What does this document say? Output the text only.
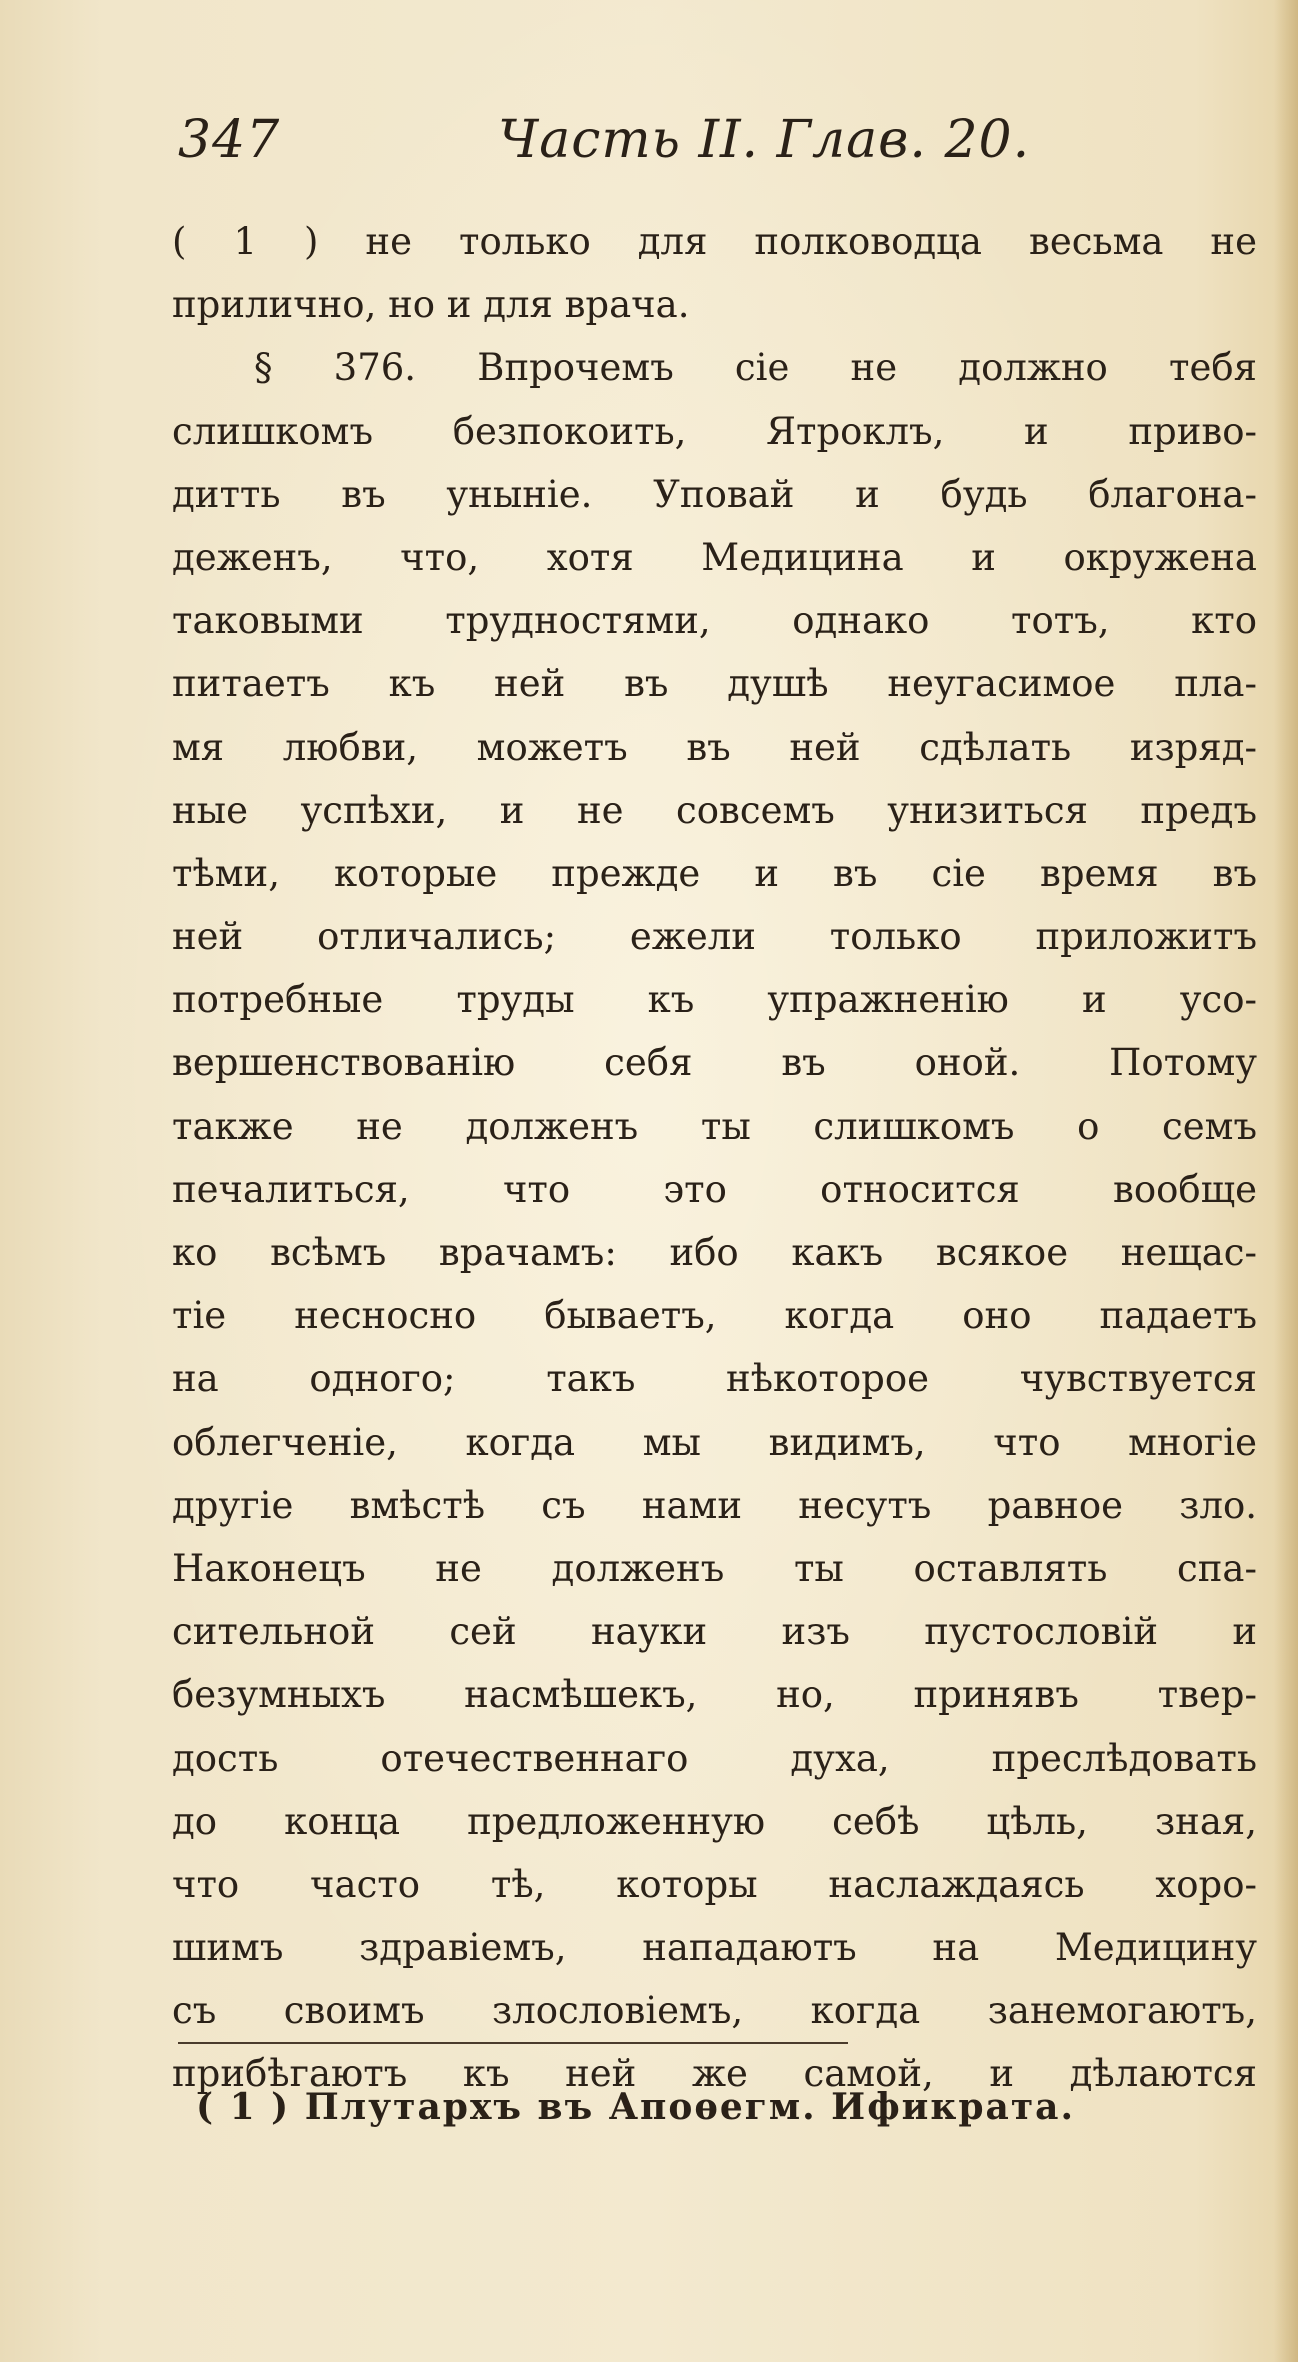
347	Часть II. Глав. 20.
( 1 ) не только для полководца весьма не
прилично, но и для врача.
§ 376. Впрочемъ сіе не должно тебя
слишкомъ безпокоить, Ятроклъ, и приво-
дитть въ уныніе. Уповай и будь благона-
деженъ, что, хотя Медицина и окружена
таковыми трудностями, однако тотъ, кто
питаетъ къ ней въ душѣ неугасимое пла-
мя любви, можетъ въ ней сдѣлать изряд-
ные успѣхи, и не совсемъ унизиться предъ
тѣми, которые прежде и въ сіе время въ
ней отличались; ежели только приложитъ
потребные труды къ упражненію и усо-
вершенствованію себя въ оной. Потому
также не долженъ ты слишкомъ о семъ
печалиться, что это относится вообще
ко всѣмъ врачамъ: ибо какъ всякое нещас-
тіе несносно бываетъ, когда оно падаетъ
на одного; такъ нѣкоторое чувствуется
облегченіе, когда мы видимъ, что многіе
другіе вмѣстѣ съ нами несутъ равное зло.
Наконецъ не долженъ ты оставлять спа-
сительной сей науки изъ пустословій и
безумныхъ насмѣшекъ, но, принявъ твер-
дость отечественнаго духа, преслѣдовать
до конца предложенную себѣ цѣль, зная,
что часто тѣ, которы наслаждаясь хоро-
шимъ здравіемъ, нападаютъ на Медицину
съ своимъ злословіемъ, когда занемогаютъ,
прибѣгаютъ къ ней же самой, и дѣлаются
( 1 ) Плутархъ въ Апоѳегм. Ификрата.
